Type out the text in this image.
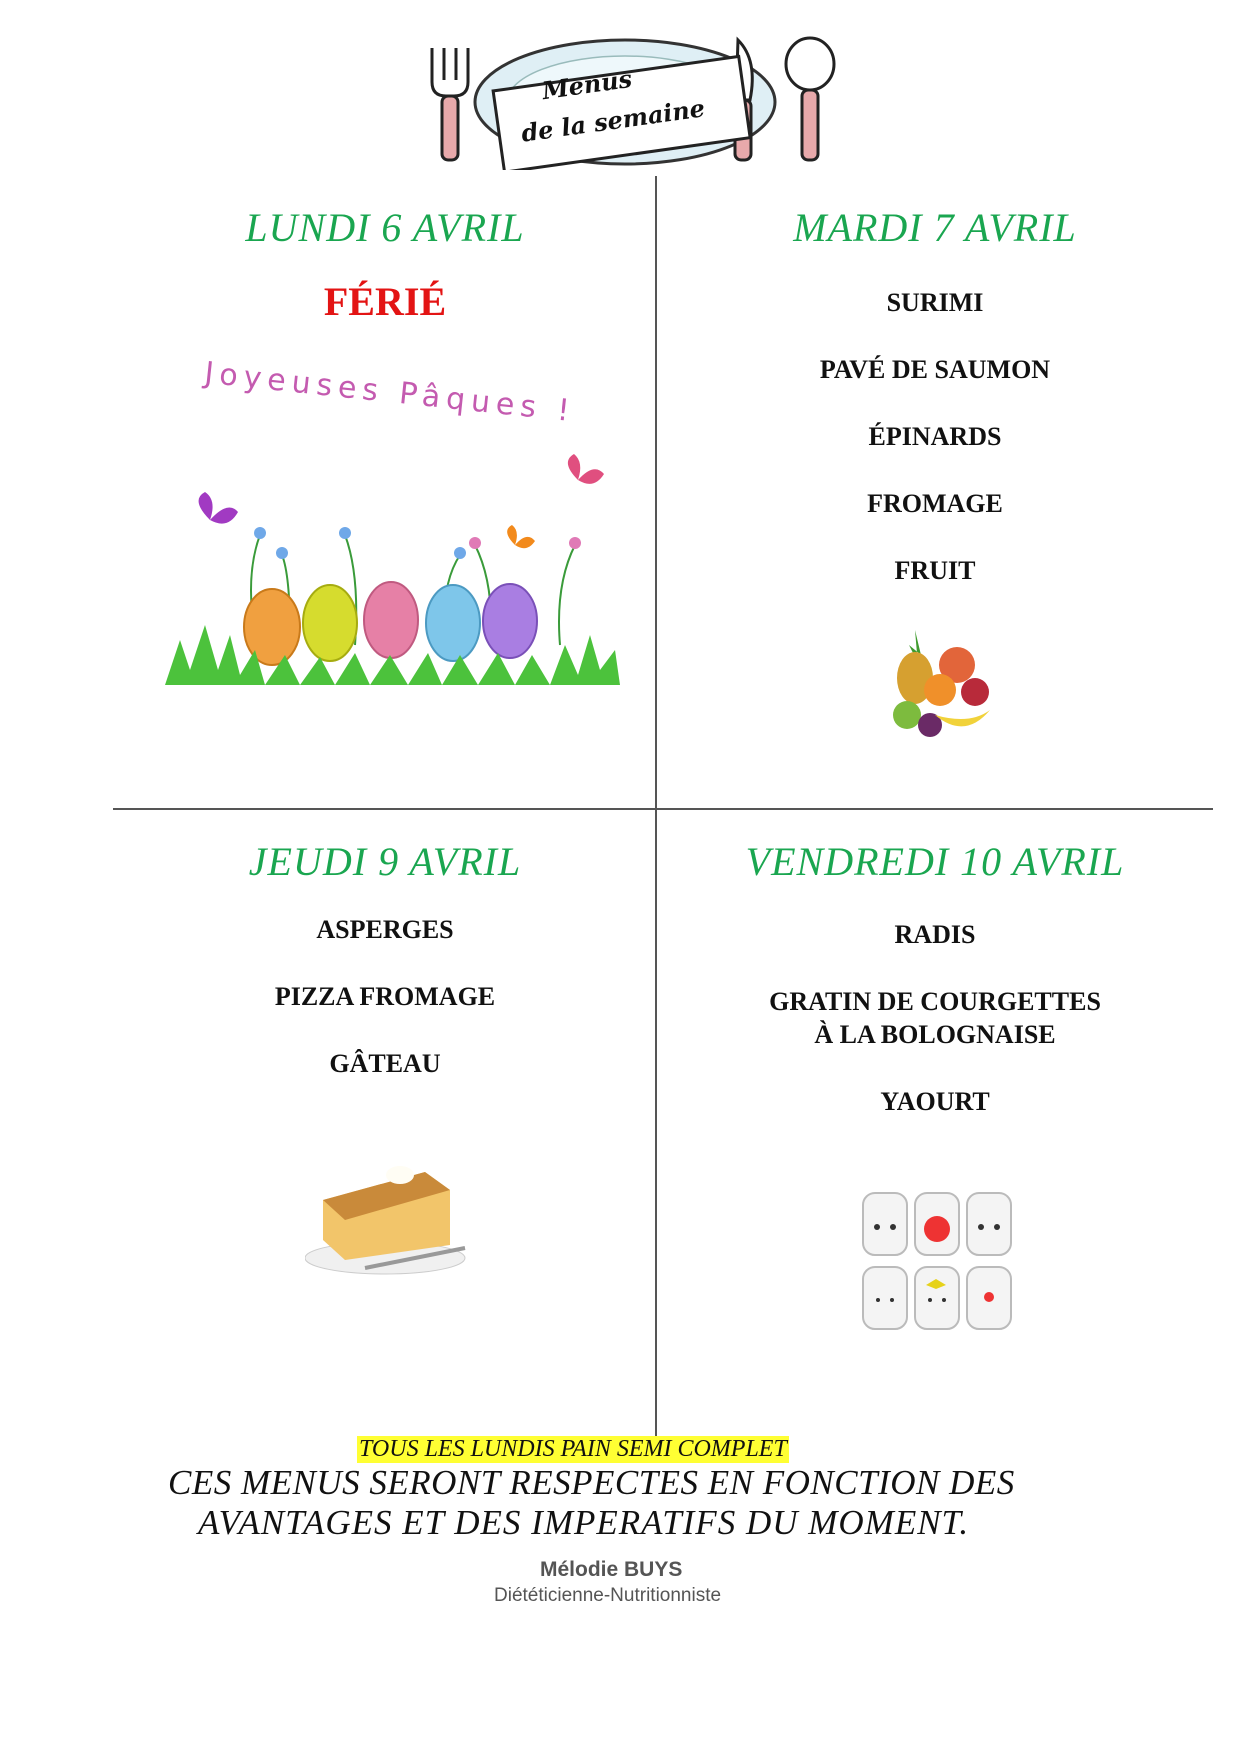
Menus
de la semaine
LUNDI 6 AVRIL
FÉRIÉ
Joyeuses Pâques !
MARDI 7 AVRIL
SURIMI
PAVÉ DE SAUMON
ÉPINARDS
FROMAGE
FRUIT
JEUDI 9 AVRIL
ASPERGES
PIZZA FROMAGE
GÂTEAU
VENDREDI 10 AVRIL
RADIS
GRATIN DE COURGETTES
À LA BOLOGNAISE
YAOURT
TOUS LES LUNDIS PAIN SEMI COMPLET
CES MENUS SERONT RESPECTES EN FONCTION DES
AVANTAGES ET DES IMPERATIFS DU MOMENT.
Mélodie BUYS
Diététicienne-Nutritionniste
